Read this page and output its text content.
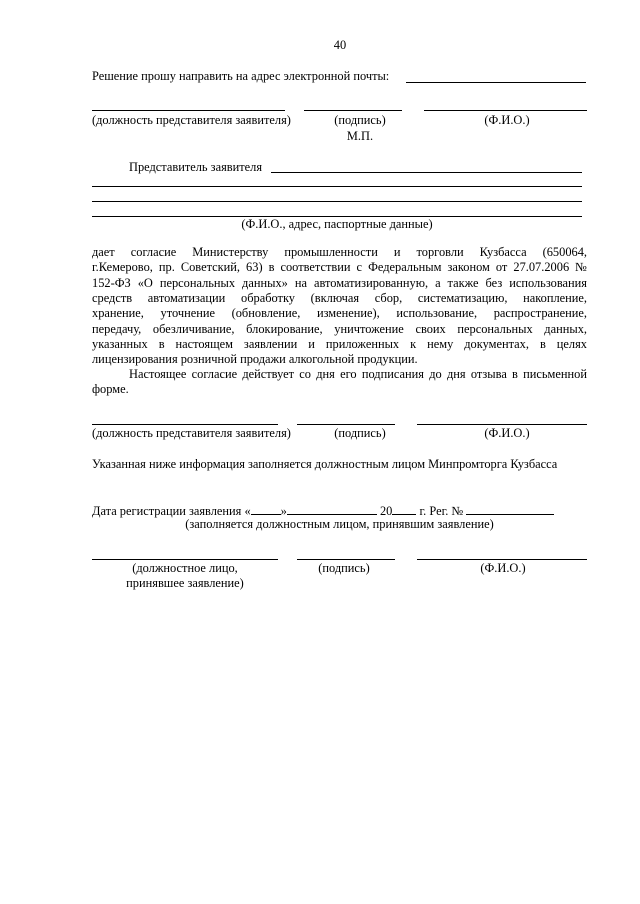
40
Решение прошу направить на адрес электронной почты:
(должность представителя заявителя)	(подпись)	(Ф.И.О.)
М.П.
Представитель заявителя
(Ф.И.О., адрес, паспортные данные)
дает согласие Министерству промышленности и торговли Кузбасса (650064,
г.Кемерово, пр. Советский, 63) в соответствии с Федеральным законом от 27.07.2006 №
152-ФЗ «О персональных данных» на автоматизированную, а также без использования
средств автоматизации обработку (включая сбор, систематизацию, накопление,
хранение, уточнение (обновление, изменение), использование, распространение,
передачу, обезличивание, блокирование, уничтожение своих персональных данных,
указанных в настоящем заявлении и приложенных к нему документах, в целях
лицензирования розничной продажи алкогольной продукции.
Настоящее согласие действует со дня его подписания до дня отзыва в письменной
форме.
(должность представителя заявителя)	(подпись)	(Ф.И.О.)
Указанная ниже информация заполняется должностным лицом Минпромторга Кузбасса
Дата регистрации заявления « »	20 г. Рег. №
(заполняется должностным лицом, принявшим заявление)
(должностное лицо,
принявшее заявление)
(подпись)	(Ф.И.О.)
